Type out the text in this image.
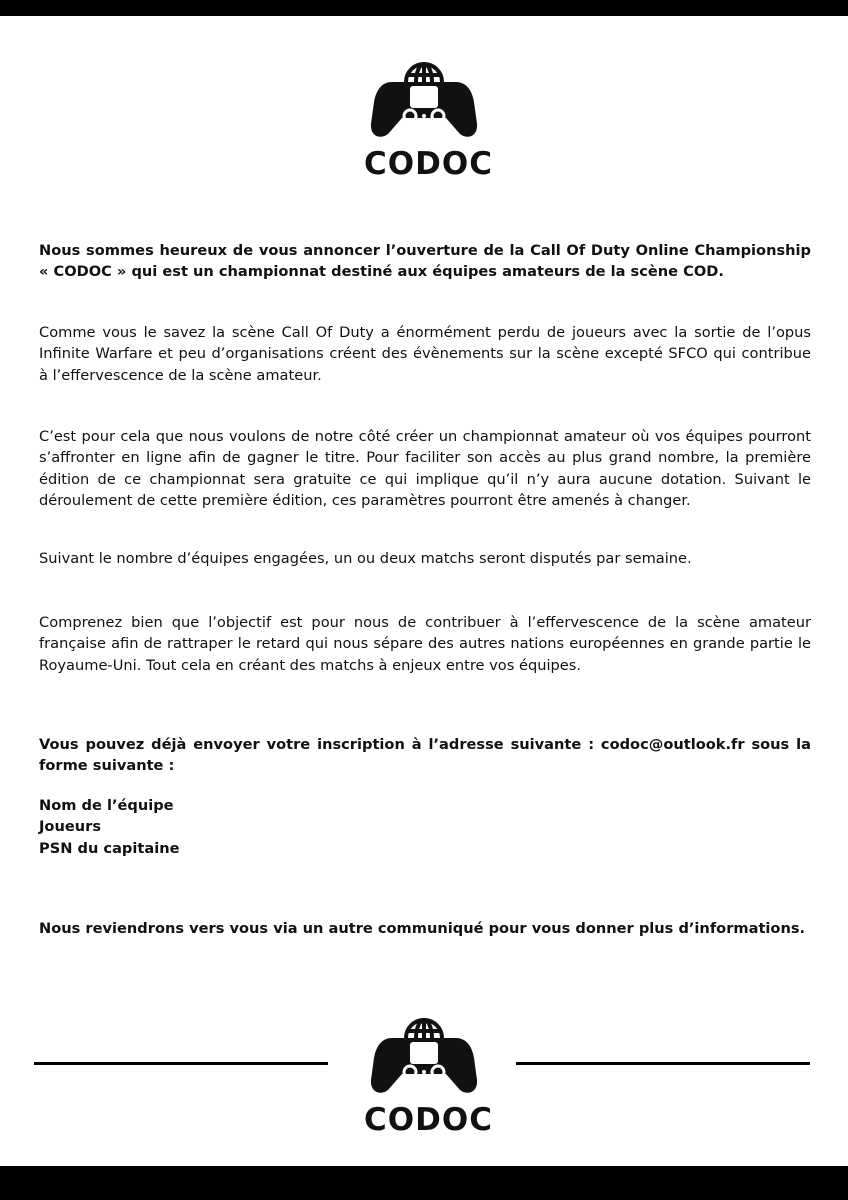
CODOC

Nous sommes heureux de vous annoncer l’ouverture de la Call Of Duty Online Championship « CODOC » qui est un championnat destiné aux équipes amateurs de la scène COD.

Comme vous le savez la scène Call Of Duty a énormément perdu de joueurs avec la sortie de l’opus Infinite Warfare et peu d’organisations créent des évènements sur la scène excepté SFCO qui contribue à l’effervescence de la scène amateur.

C’est pour cela que nous voulons de notre côté créer un championnat amateur où vos équipes pourront s’affronter en ligne afin de gagner le titre. Pour faciliter son accès au plus grand nombre, la première édition de ce championnat sera gratuite ce qui implique qu’il n’y aura aucune dotation. Suivant le déroulement de cette première édition, ces paramètres pourront être amenés à changer.

Suivant le nombre d’équipes engagées, un ou deux matchs seront disputés par semaine.

Comprenez bien que l’objectif est pour nous de contribuer à l’effervescence de la scène amateur française afin de rattraper le retard qui nous sépare des autres nations européennes en grande partie le Royaume-Uni. Tout cela en créant des matchs à enjeux entre vos équipes.

Vous pouvez déjà envoyer votre inscription à l’adresse suivante : codoc@outlook.fr sous la forme suivante :

Nous reviendrons vers vous via un autre communiqué pour vous donner plus d’informations.

Nom de l’équipe
Joueurs
PSN du capitaine
CODOC
